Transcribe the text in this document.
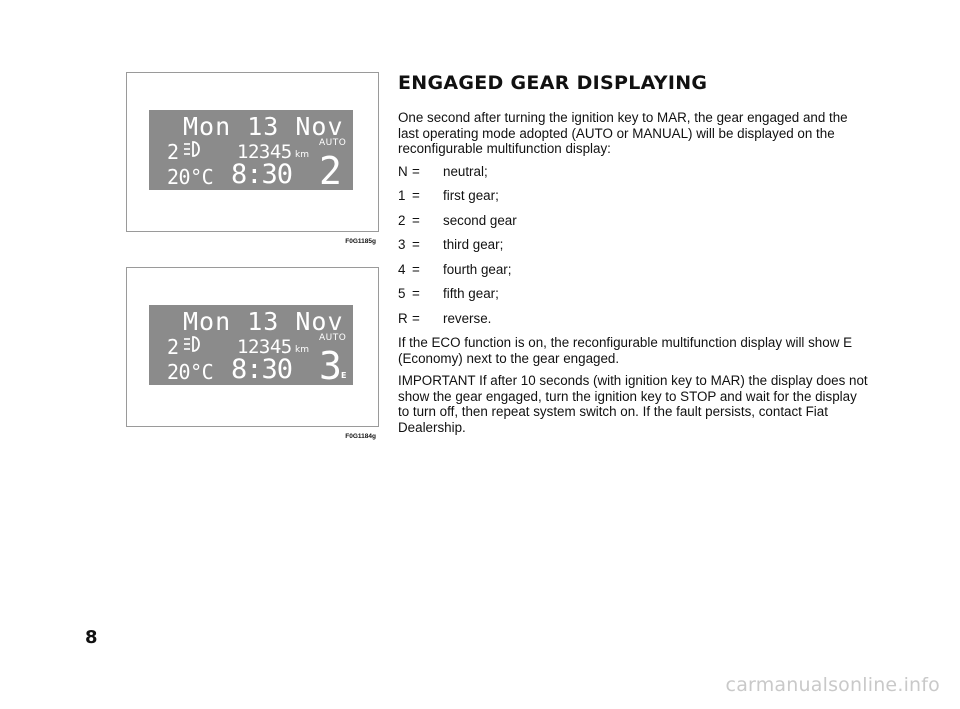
Mon 13 Nov
2	12345 km
AUTO
20°C 8:30 2
F0G1185g
Mon 13 Nov
2	12345 km
AUTO
20°C 8:30 3 E
F0G1184g
ENGAGED GEAR DISPLAYING

One second after turning the ignition key to MAR, the gear engaged and the last operating mode adopted (AUTO or MANUAL) will be displayed on the reconfigurable multifunction display:

N =	neutral;
1 =	first gear;
2 =	second gear
3 =	third gear;
4 =	fourth gear;
5 =	fifth gear;
R =	reverse.

If the ECO function is on, the reconfigurable multifunction display will show E (Economy) next to the gear engaged.

IMPORTANT If after 10 seconds (with ignition key to MAR) the display does not show the gear engaged, turn the ignition key to STOP and wait for the display to turn off, then repeat system switch on. If the fault persists, contact Fiat Dealership.

8
carmanualsonline.info
